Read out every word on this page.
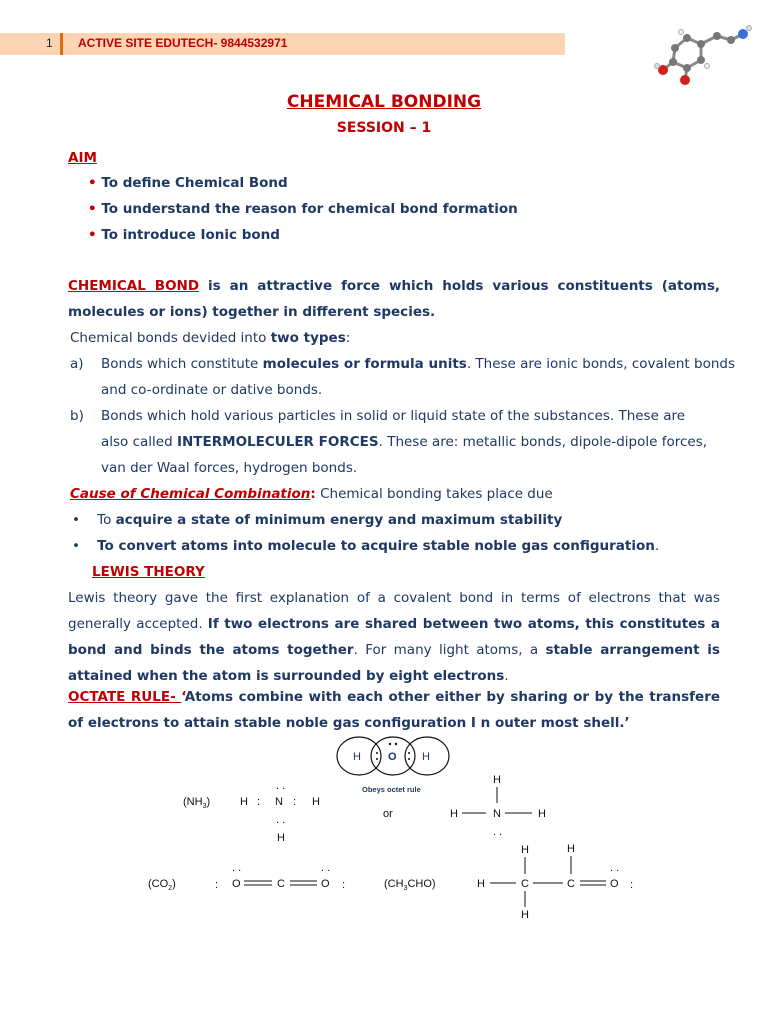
1 ACTIVE SITE EDUTECH- 9844532971
CHEMICAL BONDING
SESSION – 1
AIM
• To define Chemical Bond
• To understand the reason for chemical bond formation
• To introduce Ionic bond
CHEMICAL BOND is an attractive force which holds various constituents (atoms, molecules or ions) together in different species.
Chemical bonds devided into two types:
a) Bonds which constitute molecules or formula units. These are ionic bonds, covalent bonds
and co-ordinate or dative bonds.
b) Bonds which hold various particles in solid or liquid state of the substances. These are
also called INTERMOLECULER FORCES. These are: metallic bonds, dipole-dipole forces,
van der Waal forces, hydrogen bonds.
Cause of Chemical Combination: Chemical bonding takes place due
•    To acquire a state of minimum energy and maximum stability
•    To convert atoms into molecule to acquire stable noble gas configuration.
LEWIS THEORY
Lewis theory gave the first explanation of a covalent bond in terms of electrons that was generally accepted. If two electrons are shared between two atoms, this constitutes a bond and binds the atoms together. For many light atoms, a stable arrangement is attained when the atom is surrounded by eight electrons.
OCTATE RULE- ‘Atoms combine with each other either by sharing or by the transfere of electrons to attain stable noble gas configuration I n outer most shell.’
H O H
Obeys octet rule
$(NH_3)$	H : N : H
. .
. .
H
or
H
H	N	H
. .
$(CO_2)$	: O
. .
C	O
. .
:	$(CH_3CHO)$	H
H
C
H
H
C	O
. .
:
